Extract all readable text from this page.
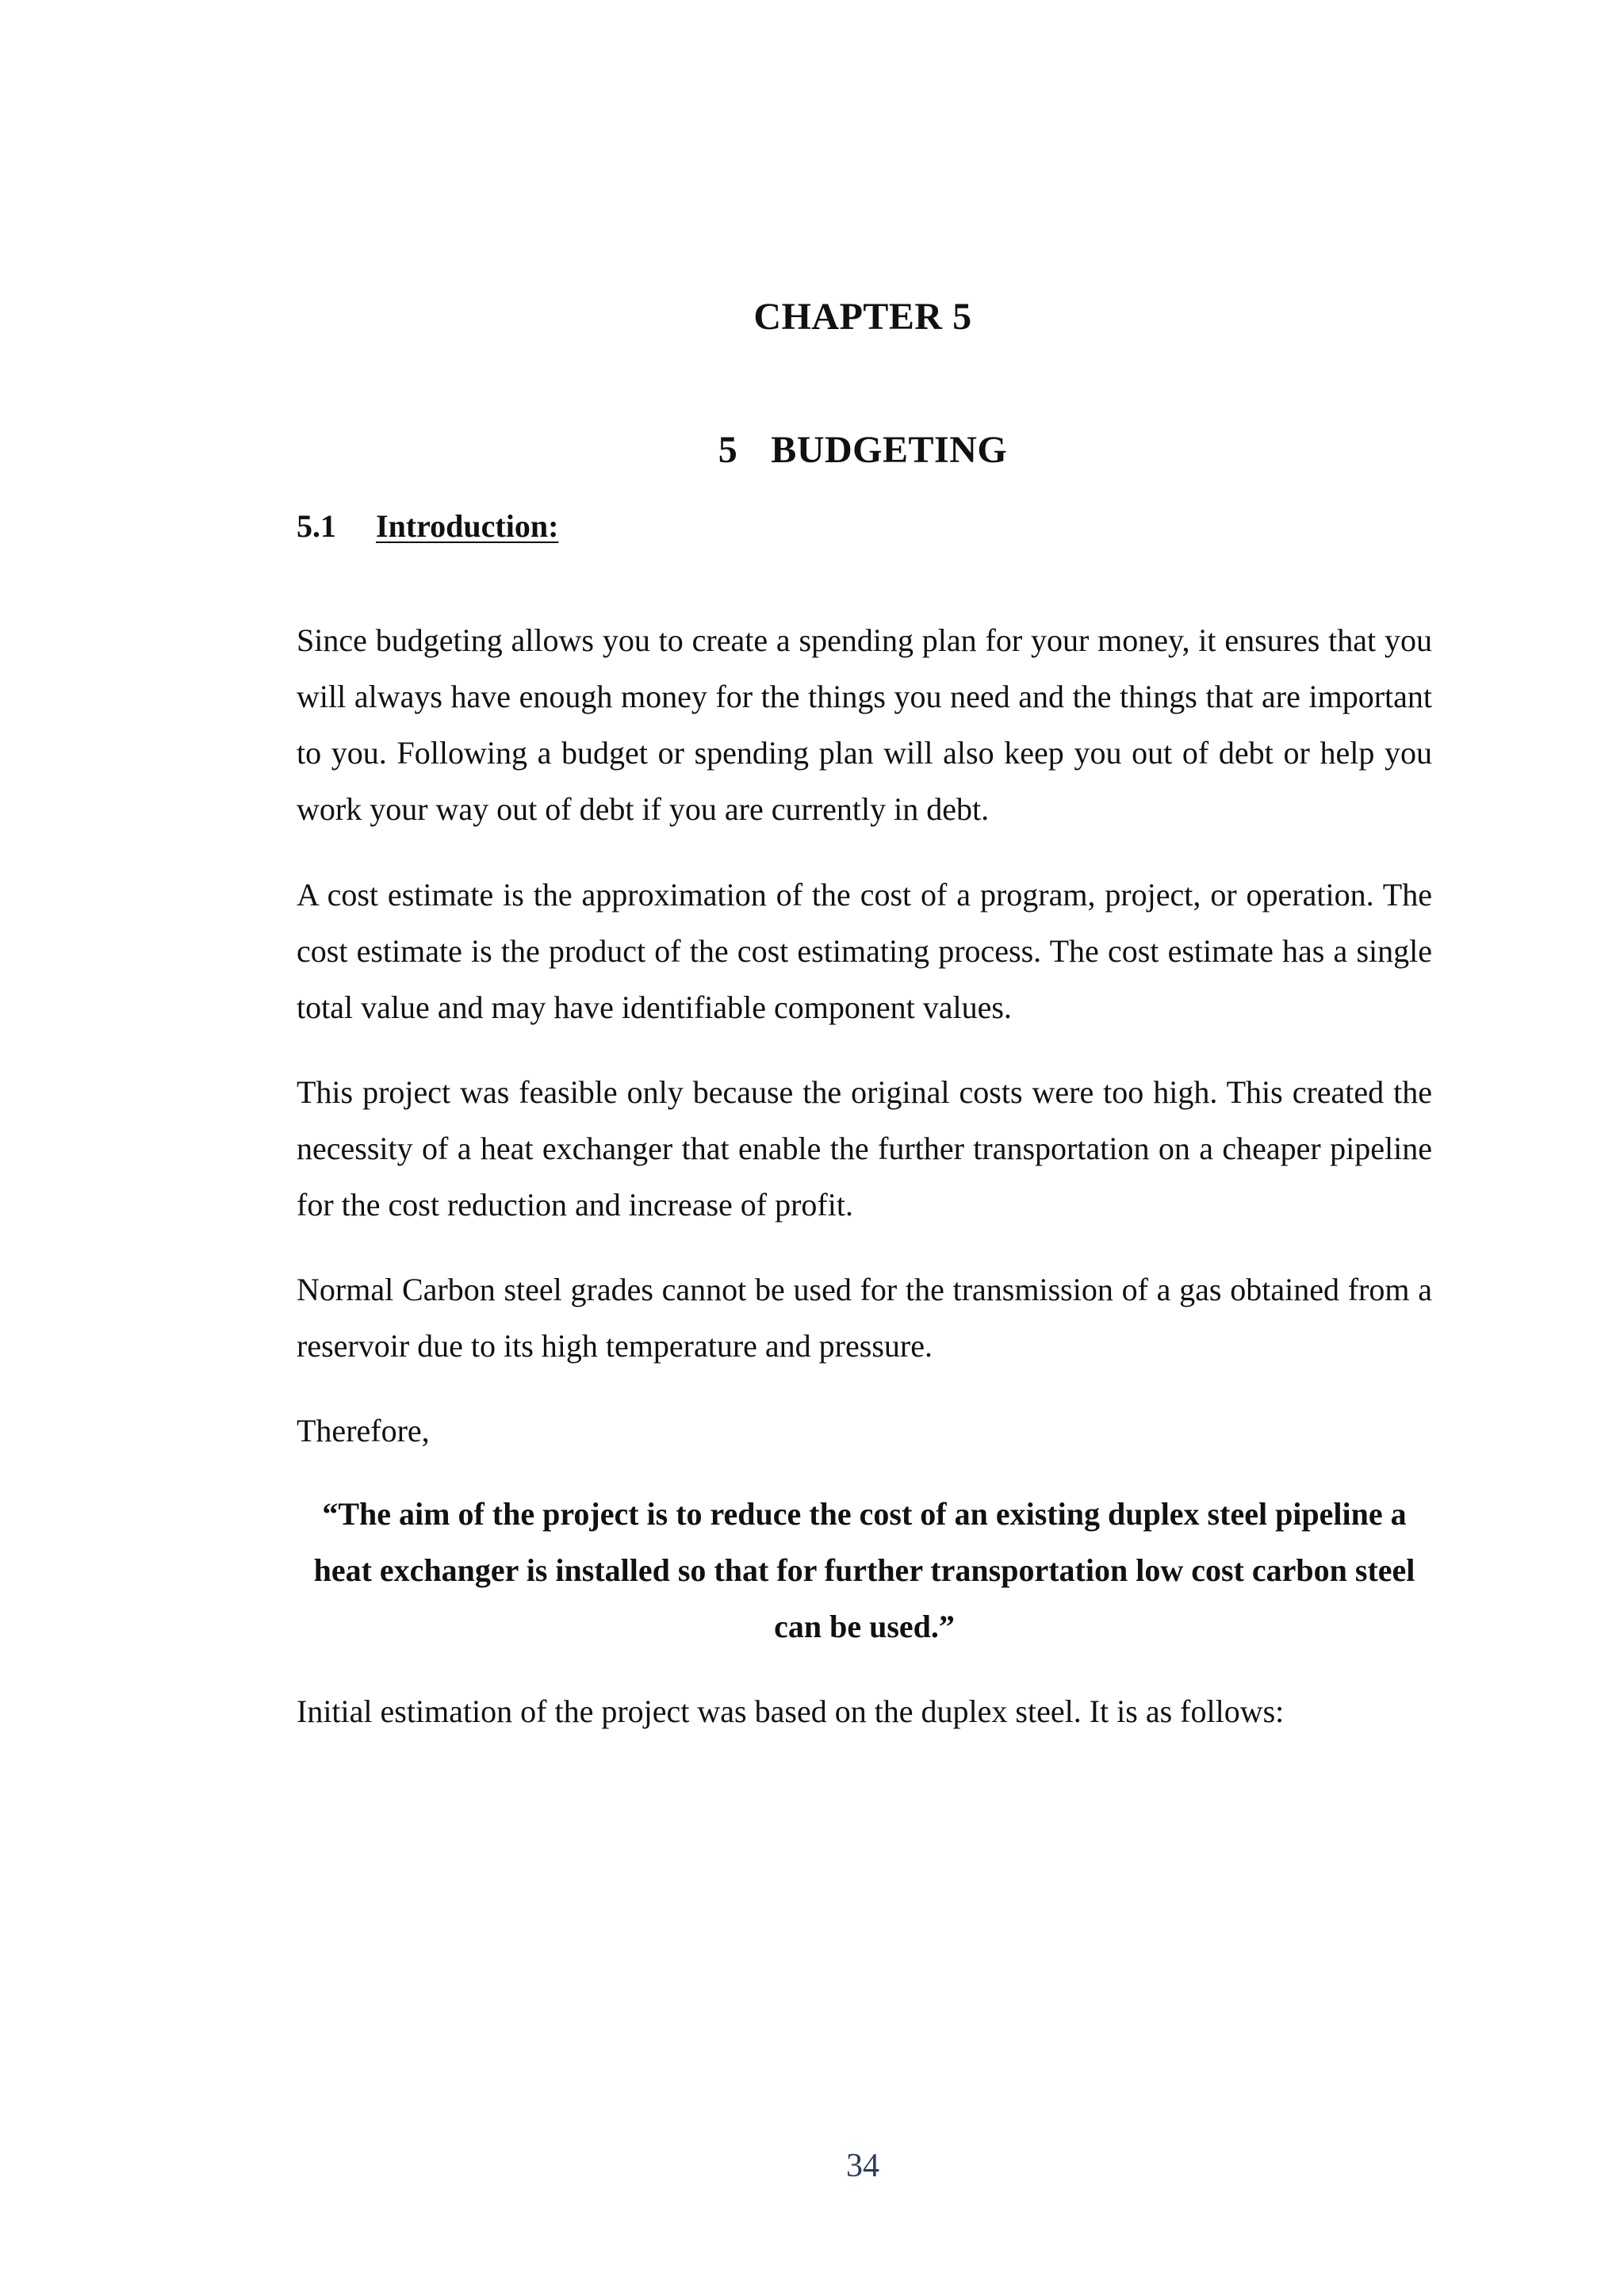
CHAPTER 5
5 BUDGETING
5.1 Introduction:

Since budgeting allows you to create a spending plan for your money, it ensures that you will always have enough money for the things you need and the things that are important to you. Following a budget or spending plan will also keep you out of debt or help you work your way out of debt if you are currently in debt.

A cost estimate is the approximation of the cost of a program, project, or operation. The cost estimate is the product of the cost estimating process. The cost estimate has a single total value and may have identifiable component values.

This project was feasible only because the original costs were too high. This created the necessity of a heat exchanger that enable the further transportation on a cheaper pipeline for the cost reduction and increase of profit.

Normal Carbon steel grades cannot be used for the transmission of a gas obtained from a reservoir due to its high temperature and pressure.

Therefore,

“The aim of the project is to reduce the cost of an existing duplex steel pipeline a heat exchanger is installed so that for further transportation low cost carbon steel can be used.”

Initial estimation of the project was based on the duplex steel. It is as follows:

34
